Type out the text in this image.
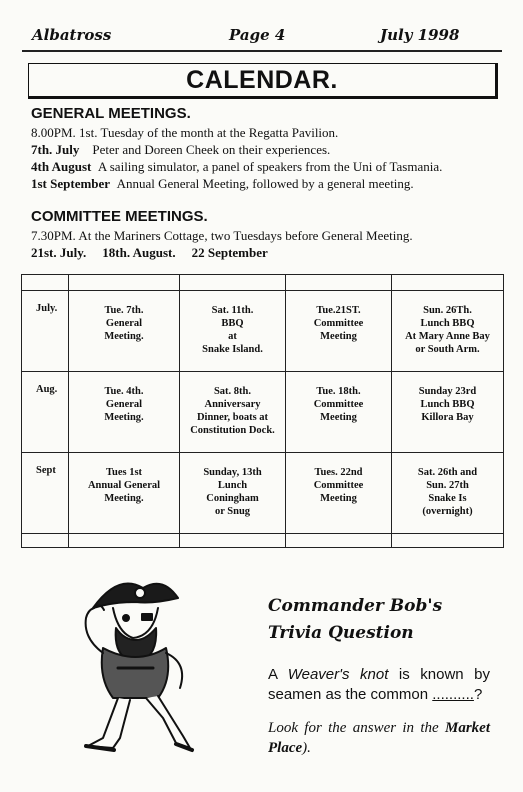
Albatross	Page 4	July 1998
CALENDAR.
GENERAL MEETINGS.
8.00PM. 1st. Tuesday of the month at the Regatta Pavilion.
7th. July Peter and Doreen Cheek on their experiences.
4th August A sailing simulator, a panel of speakers from the Uni of Tasmania.
1st September Annual General Meeting, followed by a general meeting.
COMMITTEE MEETINGS.
7.30PM. At the Mariners Cottage, two Tuesdays before General Meeting.
21st. July. 18th. August. 22 September

July.	Tue. 7th.
General
Meeting.	Sat. 11th.
BBQ
at
Snake Island.	Tue.21ST.
Committee
Meeting	Sun. 26Th.
Lunch BBQ
At Mary Anne Bay
or South Arm.

Aug.	Tue. 4th.
General
Meeting.	Sat. 8th.
Anniversary
Dinner, boats at
Constitution Dock.	Tue. 18th.
Committee
Meeting	Sunday 23rd
Lunch BBQ
Killora Bay

Sept	Tues 1st
Annual General
Meeting.	Sunday, 13th
Lunch
Coningham
or Snug	Tues. 22nd
Committee
Meeting	Sat. 26th and
Sun. 27th
Snake Is
(overnight)

Commander Bob's
Trivia Question
A Weaver's knot is known by seamen as the common ..........?
Look for the answer in the Market Place).
